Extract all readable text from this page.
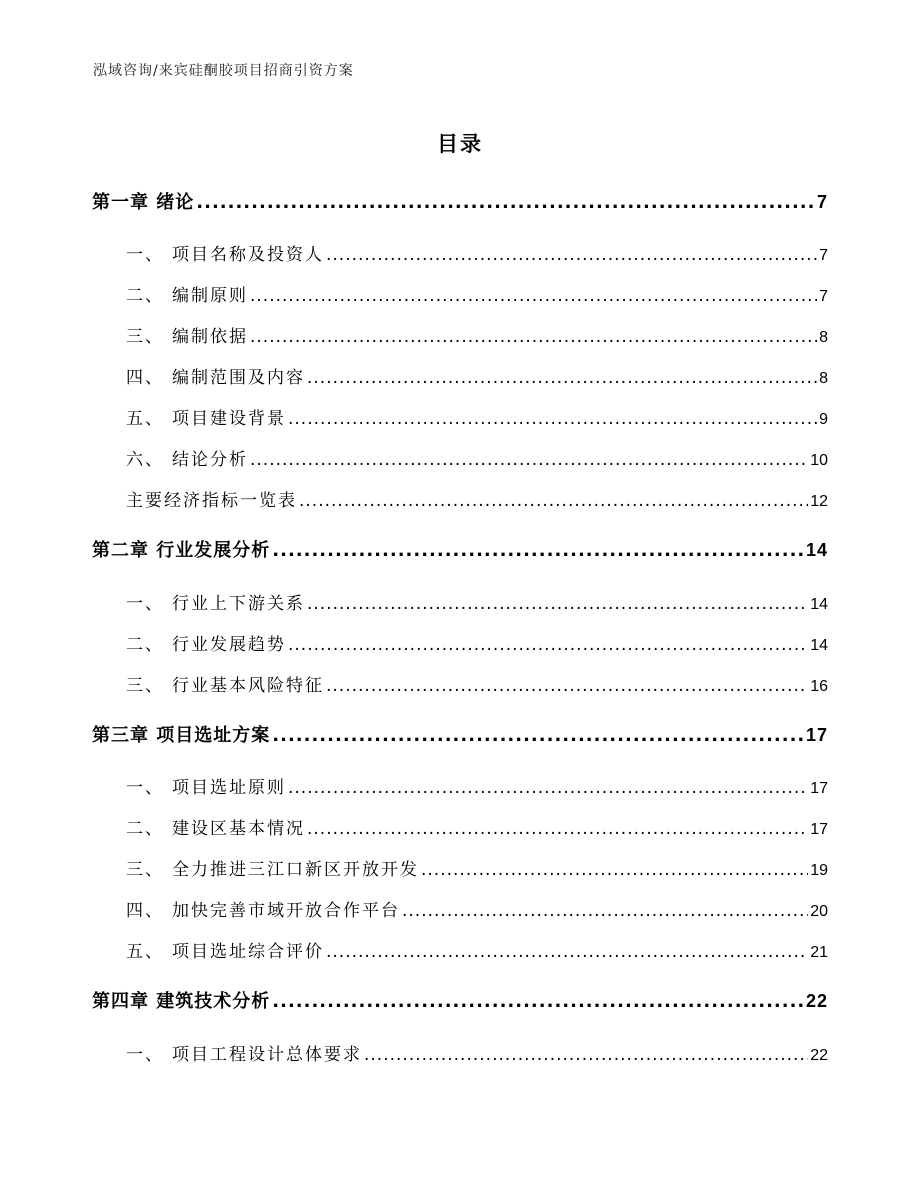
泓域咨询/来宾硅酮胶项目招商引资方案
目录
第一章 绪论 .....	7
一、 项目名称及投资人 .....	7
二、 编制原则 .....	7
三、 编制依据 .....	8
四、 编制范围及内容 .....	8
五、 项目建设背景 .....	9
六、 结论分析 .....	10
主要经济指标一览表 .....	12
第二章 行业发展分析 .....	14
一、 行业上下游关系 .....	14
二、 行业发展趋势 .....	14
三、 行业基本风险特征 .....	16
第三章 项目选址方案 .....	17
一、 项目选址原则 .....	17
二、 建设区基本情况 .....	17
三、 全力推进三江口新区开放开发 .....	19
四、 加快完善市域开放合作平台 .....	20
五、 项目选址综合评价 .....	21
第四章 建筑技术分析 .....	22
一、 项目工程设计总体要求 .....	22
